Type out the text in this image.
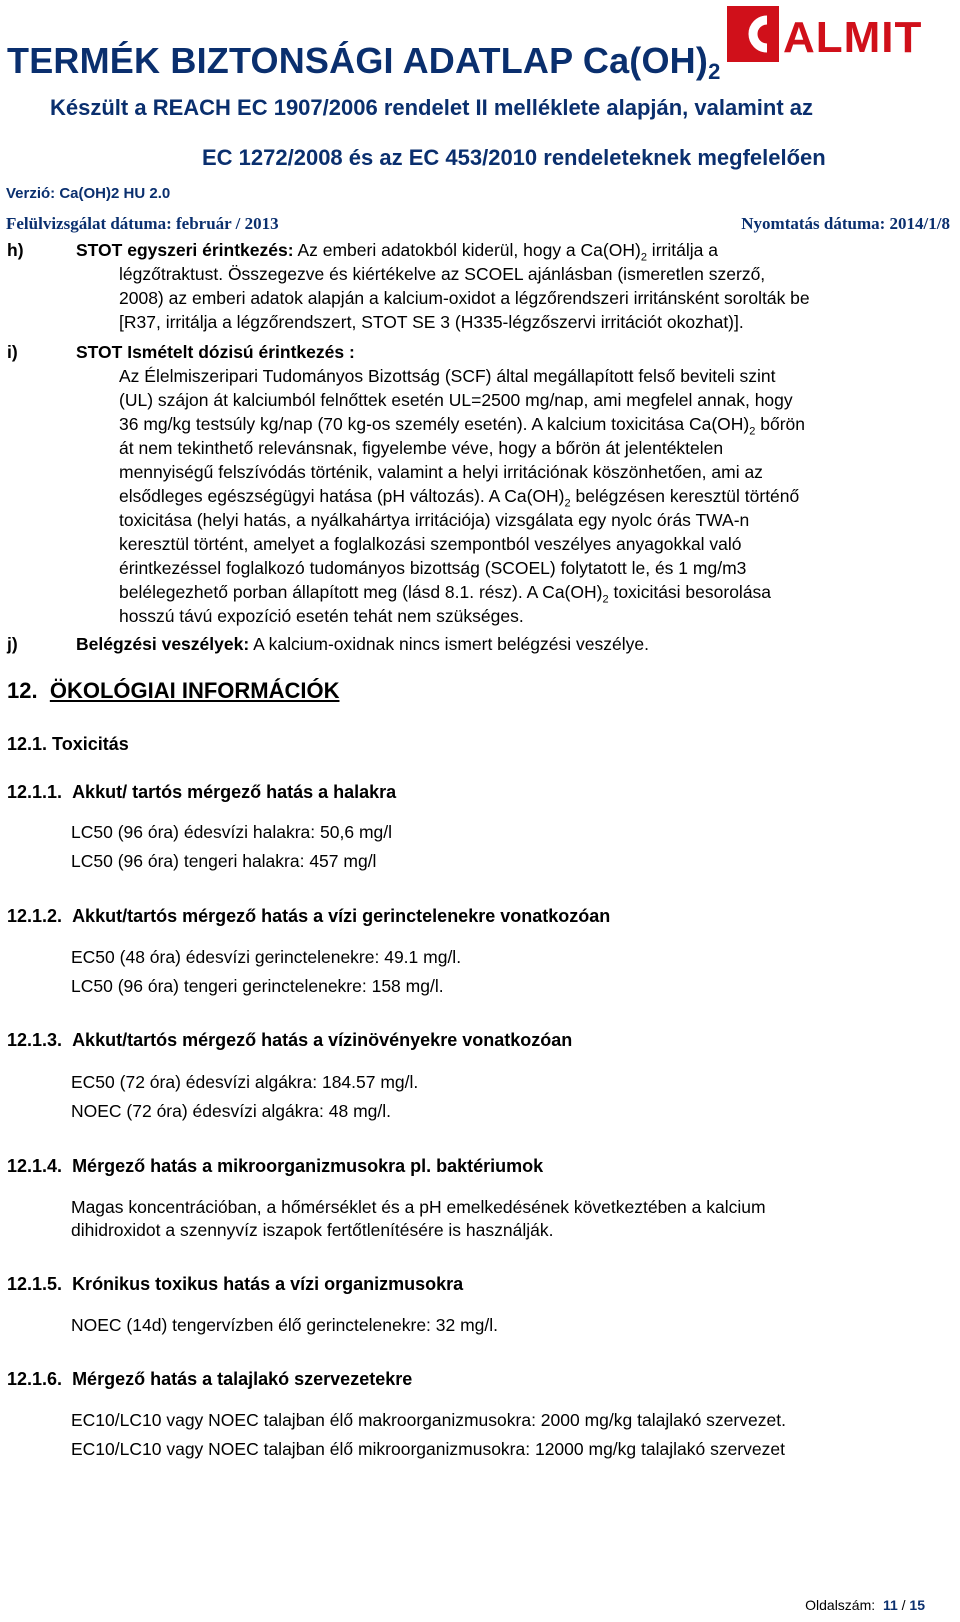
TERMÉK BIZTONSÁGI ADATLAP $Ca(OH)_2$
Készült a REACH EC 1907/2006 rendelet II melléklete alapján, valamint az
EC 1272/2008 és az EC 453/2010 rendeleteknek megfelelően
Verzió: Ca(OH)2 HU 2.0
Felülvizsgálat dátuma: február / 2013	Nyomtatás dátuma: 2014/1/8
ALMIT
h)	STOT egyszeri érintkezés: Az emberi adatokból kiderül, hogy a $Ca(OH)_2$ irritálja a
légzőtraktust. Összegezve és kiértékelve az SCOEL ajánlásban (ismeretlen szerző,
2008) az emberi adatok alapján a kalcium-oxidot a légzőrendszeri irritánsként sorolták be
[R37, irritálja a légzőrendszert, STOT SE 3 (H335-légzőszervi irritációt okozhat)].
i)	STOT Ismételt dózisú érintkezés :
Az Élelmiszeripari Tudományos Bizottság (SCF) által megállapított felső beviteli szint
(UL) szájon át kalciumból felnőttek esetén UL=2500 mg/nap, ami megfelel annak, hogy
36 mg/kg testsúly kg/nap (70 kg-os személy esetén). A kalcium toxicitása $Ca(OH)_2$ bőrön
át nem tekinthető relevánsnak, figyelembe véve, hogy a bőrön át jelentéktelen
mennyiségű felszívódás történik, valamint a helyi irritációnak köszönhetően, ami az
elsődleges egészségügyi hatása (pH változás). A $Ca(OH)_2$ belégzésen keresztül történő
toxicitása (helyi hatás, a nyálkahártya irritációja) vizsgálata egy nyolc órás TWA-n
keresztül történt, amelyet a foglalkozási szempontból veszélyes anyagokkal való
érintkezéssel foglalkozó tudományos bizottság (SCOEL) folytatott le, és 1 mg/m3
belélegezhető porban állapított meg (lásd 8.1. rész). A $Ca(OH)_2$ toxicitási besorolása
hosszú távú expozíció esetén tehát nem szükséges.
j)	Belégzési veszélyek: A kalcium-oxidnak nincs ismert belégzési veszélye.
12. ÖKOLÓGIAI INFORMÁCIÓK
12.1. Toxicitás
12.1.1. Akkut/ tartós mérgező hatás a halakra
LC50 (96 óra) édesvízi halakra: 50,6 mg/l
LC50 (96 óra) tengeri halakra: 457 mg/l
12.1.2. Akkut/tartós mérgező hatás a vízi gerinctelenekre vonatkozóan
EC50 (48 óra) édesvízi gerinctelenekre: 49.1 mg/l.
LC50 (96 óra) tengeri gerinctelenekre: 158 mg/l.
12.1.3. Akkut/tartós mérgező hatás a vízinövényekre vonatkozóan
EC50 (72 óra) édesvízi algákra: 184.57 mg/l.
NOEC (72 óra) édesvízi algákra: 48 mg/l.
12.1.4. Mérgező hatás a mikroorganizmusokra pl. baktériumok
Magas koncentrációban, a hőmérséklet és a pH emelkedésének következtében a kalcium
dihidroxidot a szennyvíz iszapok fertőtlenítésére is használják.
12.1.5. Krónikus toxikus hatás a vízi organizmusokra
NOEC (14d) tengervízben élő gerinctelenekre: 32 mg/l.
12.1.6. Mérgező hatás a talajlakó szervezetekre
EC10/LC10 vagy NOEC talajban élő makroorganizmusokra: 2000 mg/kg talajlakó szervezet.
EC10/LC10 vagy NOEC talajban élő mikroorganizmusokra: 12000 mg/kg talajlakó szervezet
Oldalszám: 11 / 15
